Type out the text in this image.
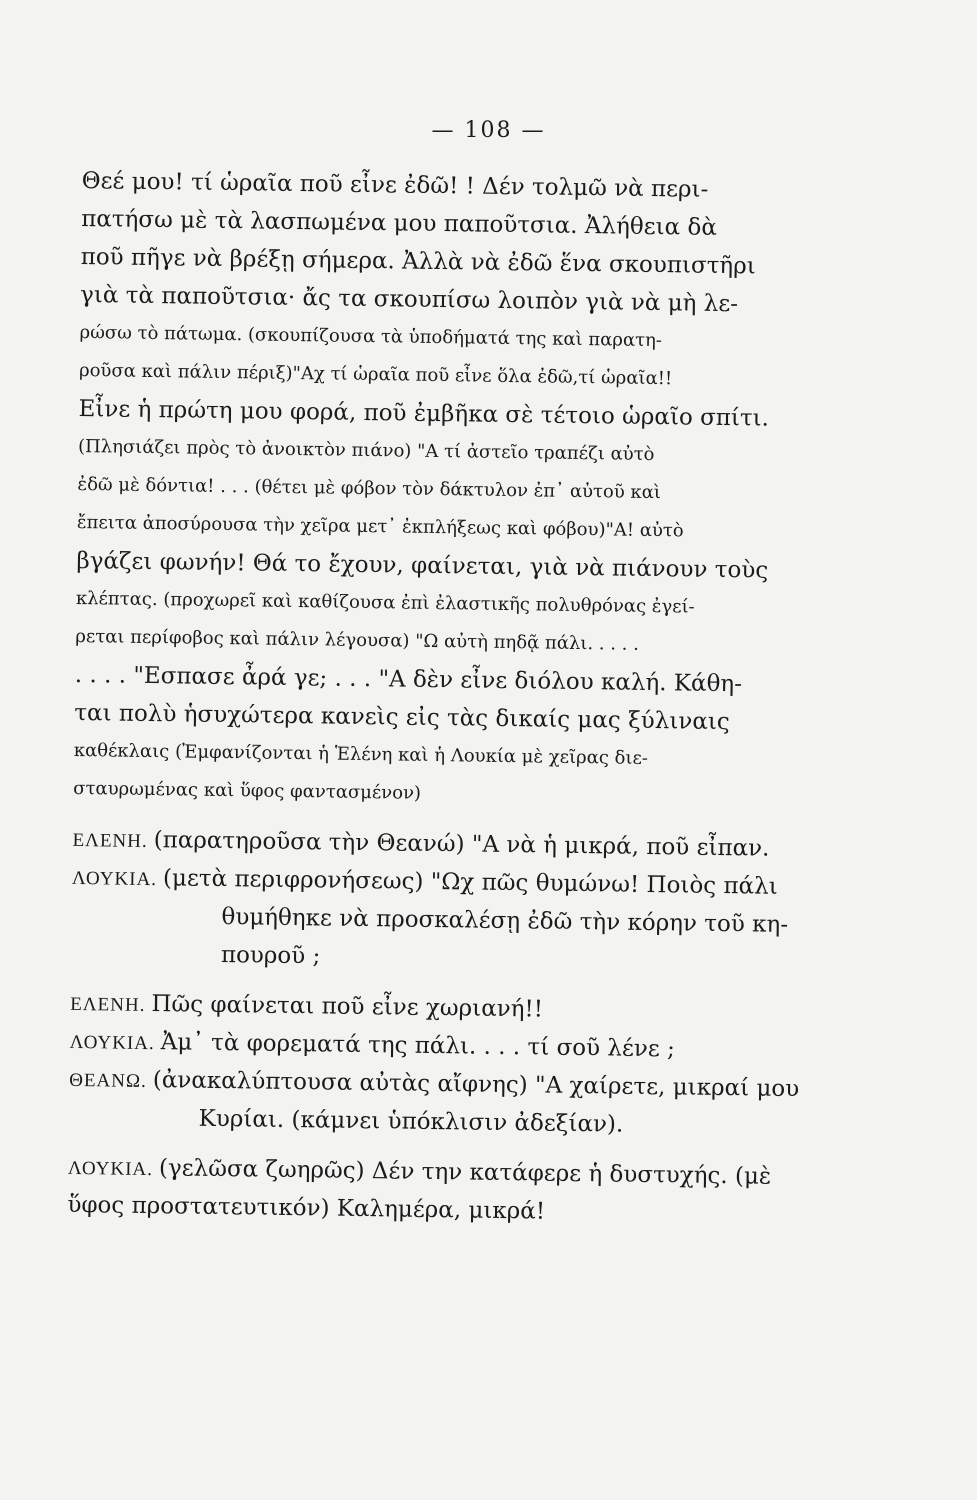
— 108 —
Θεέ μου! τί ὡραῖα ποῦ εἶνε ἐδῶ! ! Δέν τολμῶ νὰ περι-
πατήσω μὲ τὰ λασπωμένα μου παποῦτσια. Ἀλήθεια δὰ
ποῦ πῆγε νὰ βρέξῃ σήμερα. Ἀλλὰ νὰ ἐδῶ ἕνα σκουπιστῆρι
γιὰ τὰ παποῦτσια· ἄς τα σκουπίσω λοιπὸν γιὰ νὰ μὴ λε-
ρώσω τὸ πάτωμα. (σκουπίζουσα τὰ ὑποδήματά της καὶ παρατη-
ροῦσα καὶ πάλιν πέριξ)"Αχ τί ὡραῖα ποῦ εἶνε ὅλα ἐδῶ,τί ὡραῖα!!
Εἶνε ἡ πρώτη μου φορά, ποῦ ἐμβῆκα σὲ τέτοιο ὡραῖο σπίτι.
(Πλησιάζει πρὸς τὸ ἀνοικτὸν πιάνο) "Α τί ἀστεῖο τραπέζι αὐτὸ
ἐδῶ μὲ δόντια! . . . (θέτει μὲ φόβον τὸν δάκτυλον ἐπ᾽ αὐτοῦ καὶ
ἔπειτα ἀποσύρουσα τὴν χεῖρα μετ᾽ ἐκπλήξεως καὶ φόβου)"Α! αὐτὸ
βγάζει φωνήν! Θά το ἔχουν, φαίνεται, γιὰ νὰ πιάνουν τοὺς
κλέπτας. (προχωρεῖ καὶ καθίζουσα ἐπὶ ἐλαστικῆς πολυθρόνας ἐγεί-
ρεται περίφοβος καὶ πάλιν λέγουσα) "Ω αὐτὴ πηδᾷ πάλι. . . . .
. . . . "Εσπασε ἆρά γε; . . . "Α δὲν εἶνε διόλου καλή. Κάθη-
ται πολὺ ἡσυχώτερα κανεὶς εἰς τὰς δικαίς μας ξύλιναις
καθέκλαις (Ἐμφανίζονται ἡ Ἑλένη καὶ ἡ Λουκία μὲ χεῖρας διε-
σταυρωμένας καὶ ὕφος φαντασμένον)
ΕΛΕΝΗ. (παρατηροῦσα τὴν Θεανώ) "Α νὰ ἡ μικρά, ποῦ εἶπαν.
ΛΟΥΚΙΑ. (μετὰ περιφρονήσεως) "Ωχ πῶς θυμώνω! Ποιὸς πάλι
θυμήθηκε νὰ προσκαλέσῃ ἐδῶ τὴν κόρην τοῦ κη-
πουροῦ ;
ΕΛΕΝΗ. Πῶς φαίνεται ποῦ εἶνε χωριανή!!
ΛΟΥΚΙΑ. Ἀμ᾽ τὰ φορεματά της πάλι. . . . τί σοῦ λένε ;
ΘΕΑΝΩ. (ἀνακαλύπτουσα αὐτὰς αἴφνης) "Α χαίρετε, μικραί μου
Κυρίαι. (κάμνει ὑπόκλισιν ἀδεξίαν).
ΛΟΥΚΙΑ. (γελῶσα ζωηρῶς) Δέν την κατάφερε ἡ δυστυχής. (μὲ
ὕφος προστατευτικόν) Καλημέρα, μικρά!
